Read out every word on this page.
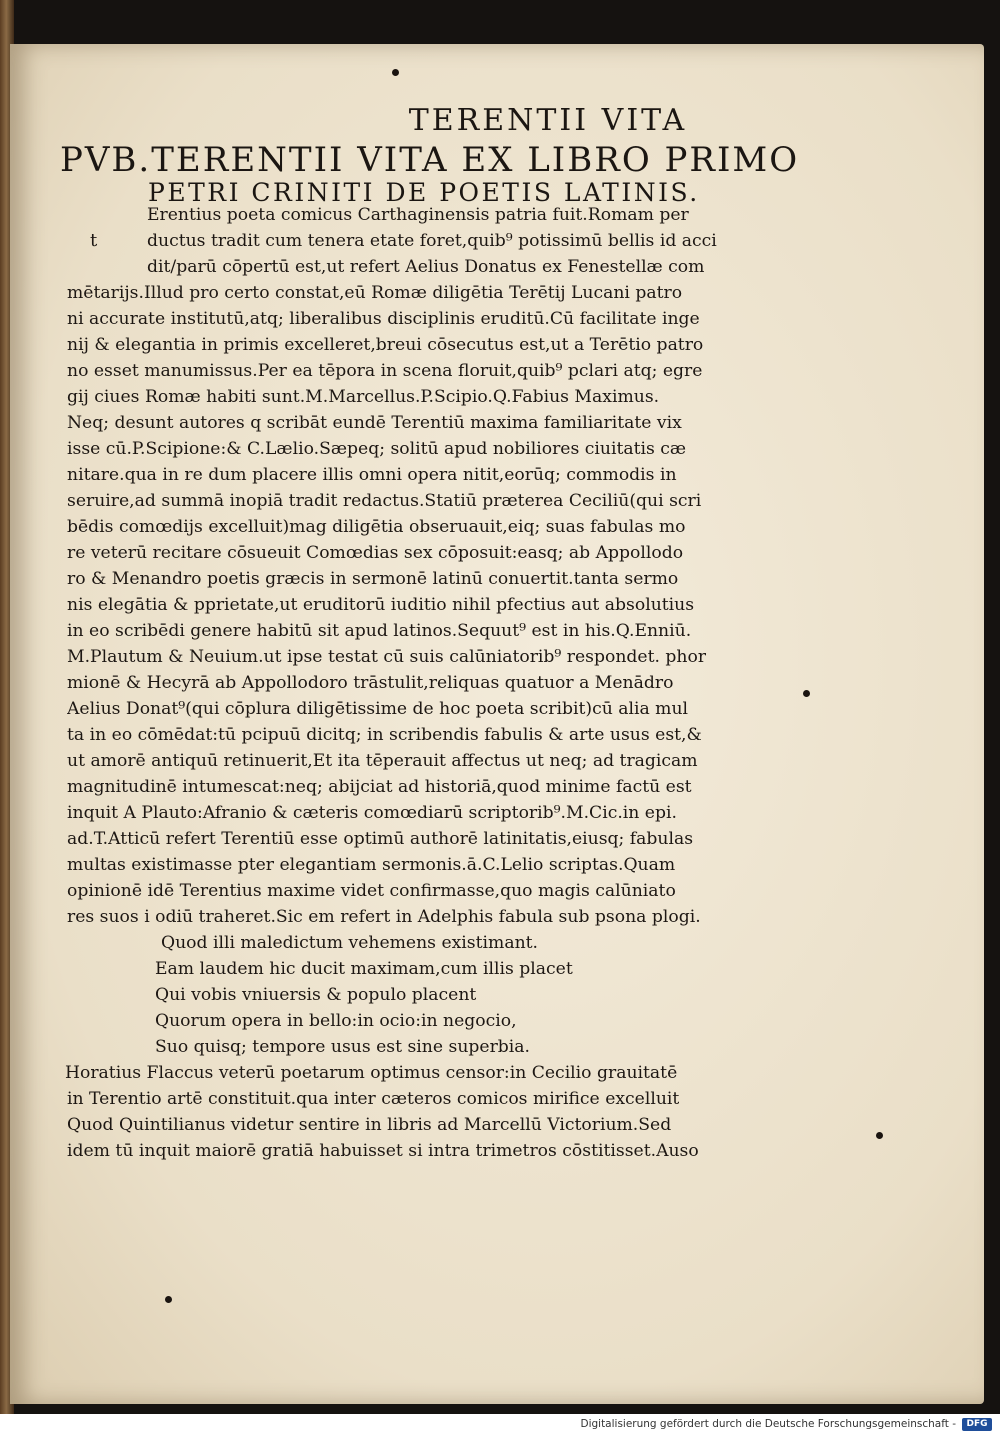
TERENTII VITA
PVB.TERENTII VITA EX LIBRO PRIMO
PETRI CRINITI DE POETIS LATINIS.
t
Erentius poeta comicus Carthaginensis patria fuit.Romam per
ductus tradit cum tenera etate foret,quib⁹ potissimū bellis id acci
dit/parū cōpertū est,ut refert Aelius Donatus ex Fenestellæ com
mētarijs.Illud pro certo constat,eū Romæ diligētia Terētij Lucani patro
ni accurate institutū,atq; liberalibus disciplinis eruditū.Cū facilitate inge
nij & elegantia in primis excelleret,breui cōsecutus est,ut a Terētio patro
no esset manumissus.Per ea tēpora in scena floruit,quib⁹ pclari atq; egre
gij ciues Romæ habiti sunt.M.Marcellus.P.Scipio.Q.Fabius Maximus.
Neq; desunt autores q scribāt eundē Terentiū maxima familiaritate vix
isse cū.P.Scipione:& C.Lælio.Sæpeq; solitū apud nobiliores ciuitatis cæ
nitare.qua in re dum placere illis omni opera nitit,eorūq; commodis in
seruire,ad summā inopiā tradit redactus.Statiū præterea Ceciliū(qui scri
bēdis comœdijs excelluit)mag diligētia obseruauit,eiq; suas fabulas mo
re veterū recitare cōsueuit Comœdias sex cōposuit:easq; ab Appollodo
ro & Menandro poetis græcis in sermonē latinū conuertit.tanta sermo
nis elegātia & pprietate,ut eruditorū iuditio nihil pfectius aut absolutius
in eo scribēdi genere habitū sit apud latinos.Sequut⁹ est in his.Q.Enniū.
M.Plautum & Neuium.ut ipse testat cū suis calūniatorib⁹ respondet. phor
mionē & Hecyrā ab Appollodoro trāstulit,reliquas quatuor a Menādro
Aelius Donat⁹(qui cōplura diligētissime de hoc poeta scribit)cū alia mul
ta in eo cōmēdat:tū pcipuū dicitq; in scribendis fabulis & arte usus est,&
ut amorē antiquū retinuerit,Et ita tēperauit affectus ut neq; ad tragicam
magnitudinē intumescat:neq; abijciat ad historiā,quod minime factū est
inquit A Plauto:Afranio & cæteris comœdiarū scriptorib⁹.M.Cic.in epi.
ad.T.Atticū refert Terentiū esse optimū authorē latinitatis,eiusq; fabulas
multas existimasse pter elegantiam sermonis.ā.C.Lelio scriptas.Quam
opinionē idē Terentius maxime videt confirmasse,quo magis calūniato
res suos i odiū traheret.Sic em refert in Adelphis fabula sub psona plogi.
Quod illi maledictum vehemens existimant.
Eam laudem hic ducit maximam,cum illis placet
Qui vobis vniuersis & populo placent
Quorum opera in bello:in ocio:in negocio,
Suo quisq; tempore usus est sine superbia.
Horatius Flaccus veterū poetarum optimus censor:in Cecilio grauitatē
in Terentio artē constituit.qua inter cæteros comicos mirifice excelluit
Quod Quintilianus videtur sentire in libris ad Marcellū Victorium.Sed
idem tū inquit maiorē gratiā habuisset si intra trimetros cōstitisset.Auso
Digitalisierung gefördert durch die Deutsche Forschungsgemeinschaft -	DFG
